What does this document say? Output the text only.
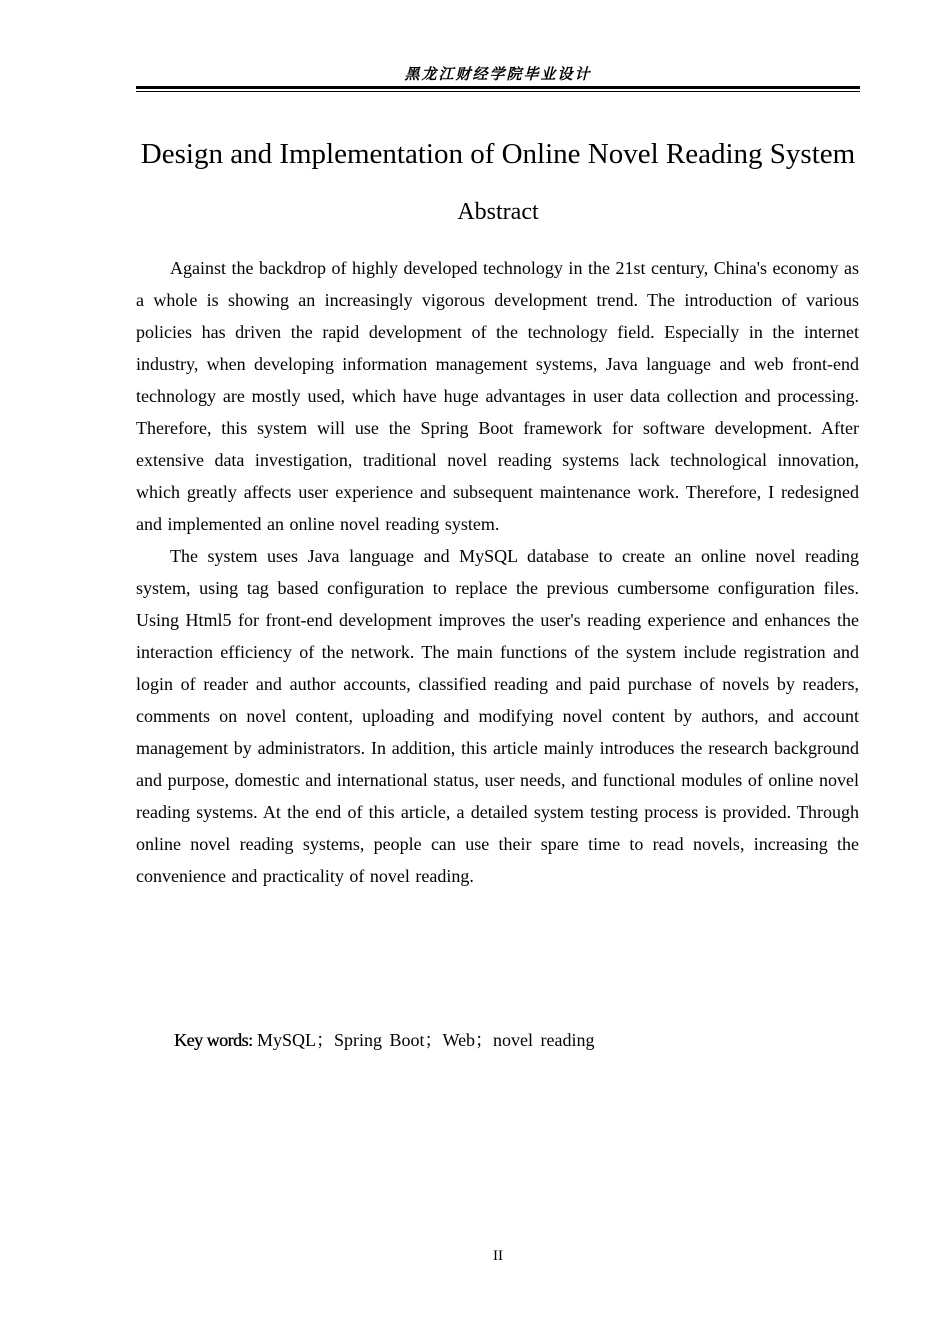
黑龙江财经学院毕业设计
Design and Implementation of Online Novel Reading System
Abstract

Against the backdrop of highly developed technology in the 21st century, China's economy as a whole is showing an increasingly vigorous development trend. The introduction of various policies has driven the rapid development of the technology field. Especially in the internet industry, when developing information management systems, Java language and web front-end technology are mostly used, which have huge advantages in user data collection and processing. Therefore, this system will use the Spring Boot framework for software development. After extensive data investigation, traditional novel reading systems lack technological innovation, which greatly affects user experience and subsequent maintenance work. Therefore, I redesigned and implemented an online novel reading system.

The system uses Java language and MySQL database to create an online novel reading system, using tag based configuration to replace the previous cumbersome configuration files. Using Html5 for front-end development improves the user's reading experience and enhances the interaction efficiency of the network. The main functions of the system include registration and login of reader and author accounts, classified reading and paid purchase of novels by readers, comments on novel content, uploading and modifying novel content by authors, and account management by administrators. In addition, this article mainly introduces the research background and purpose, domestic and international status, user needs, and functional modules of online novel reading systems. At the end of this article, a detailed system testing process is provided. Through online novel reading systems, people can use their spare time to read novels, increasing the convenience and practicality of novel reading.

Key words: MySQL；Spring Boot；Web；novel reading
II
